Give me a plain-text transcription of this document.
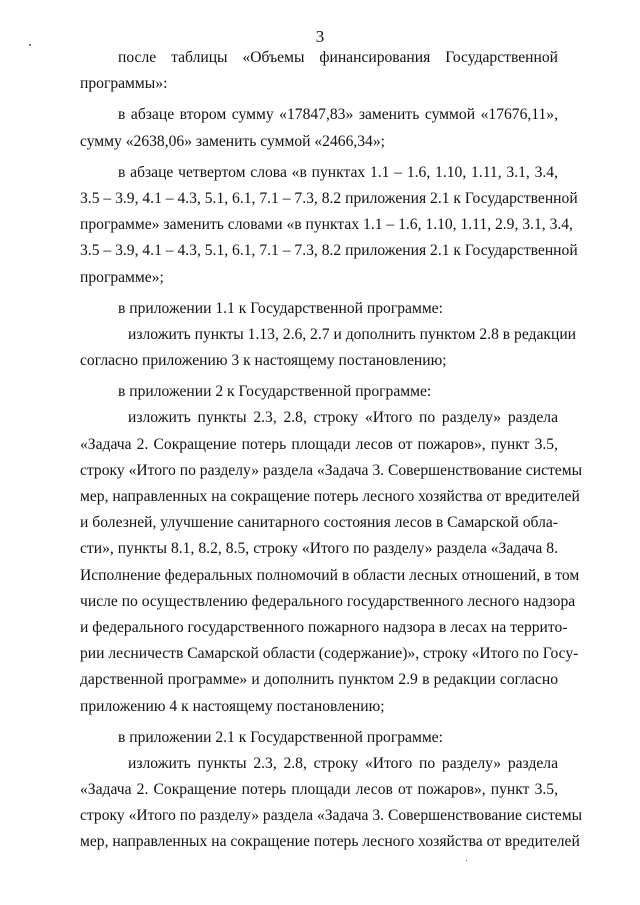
3
после таблицы «Объемы финансирования Государственной
программы»:
в абзаце втором сумму «17847,83» заменить суммой «17676,11»,
сумму «2638,06» заменить суммой «2466,34»;
в абзаце четвертом слова «в пунктах 1.1 – 1.6, 1.10, 1.11, 3.1, 3.4,
3.5 – 3.9, 4.1 – 4.3, 5.1, 6.1, 7.1 – 7.3, 8.2 приложения 2.1 к Государственной
программе» заменить словами «в пунктах 1.1 – 1.6, 1.10, 1.11, 2.9, 3.1, 3.4,
3.5 – 3.9, 4.1 – 4.3, 5.1, 6.1, 7.1 – 7.3, 8.2 приложения 2.1 к Государственной
программе»;
в приложении 1.1 к Государственной программе:
изложить пункты 1.13, 2.6, 2.7 и дополнить пунктом 2.8 в редакции
согласно приложению 3 к настоящему постановлению;
в приложении 2 к Государственной программе:
изложить пункты 2.3, 2.8, строку «Итого по разделу» раздела
«Задача 2. Сокращение потерь площади лесов от пожаров», пункт 3.5,
строку «Итого по разделу» раздела «Задача 3. Совершенствование системы
мер, направленных на сокращение потерь лесного хозяйства от вредителей
и болезней, улучшение санитарного состояния лесов в Самарской обла-
сти», пункты 8.1, 8.2, 8.5, строку «Итого по разделу» раздела «Задача 8.
Исполнение федеральных полномочий в области лесных отношений, в том
числе по осуществлению федерального государственного лесного надзора
и федерального государственного пожарного надзора в лесах на террито-
рии лесничеств Самарской области (содержание)», строку «Итого по Госу-
дарственной программе» и дополнить пунктом 2.9 в редакции согласно
приложению 4 к настоящему постановлению;
в приложении 2.1 к Государственной программе:
изложить пункты 2.3, 2.8, строку «Итого по разделу» раздела
«Задача 2. Сокращение потерь площади лесов от пожаров», пункт 3.5,
строку «Итого по разделу» раздела «Задача 3. Совершенствование системы
мер, направленных на сокращение потерь лесного хозяйства от вредителей
